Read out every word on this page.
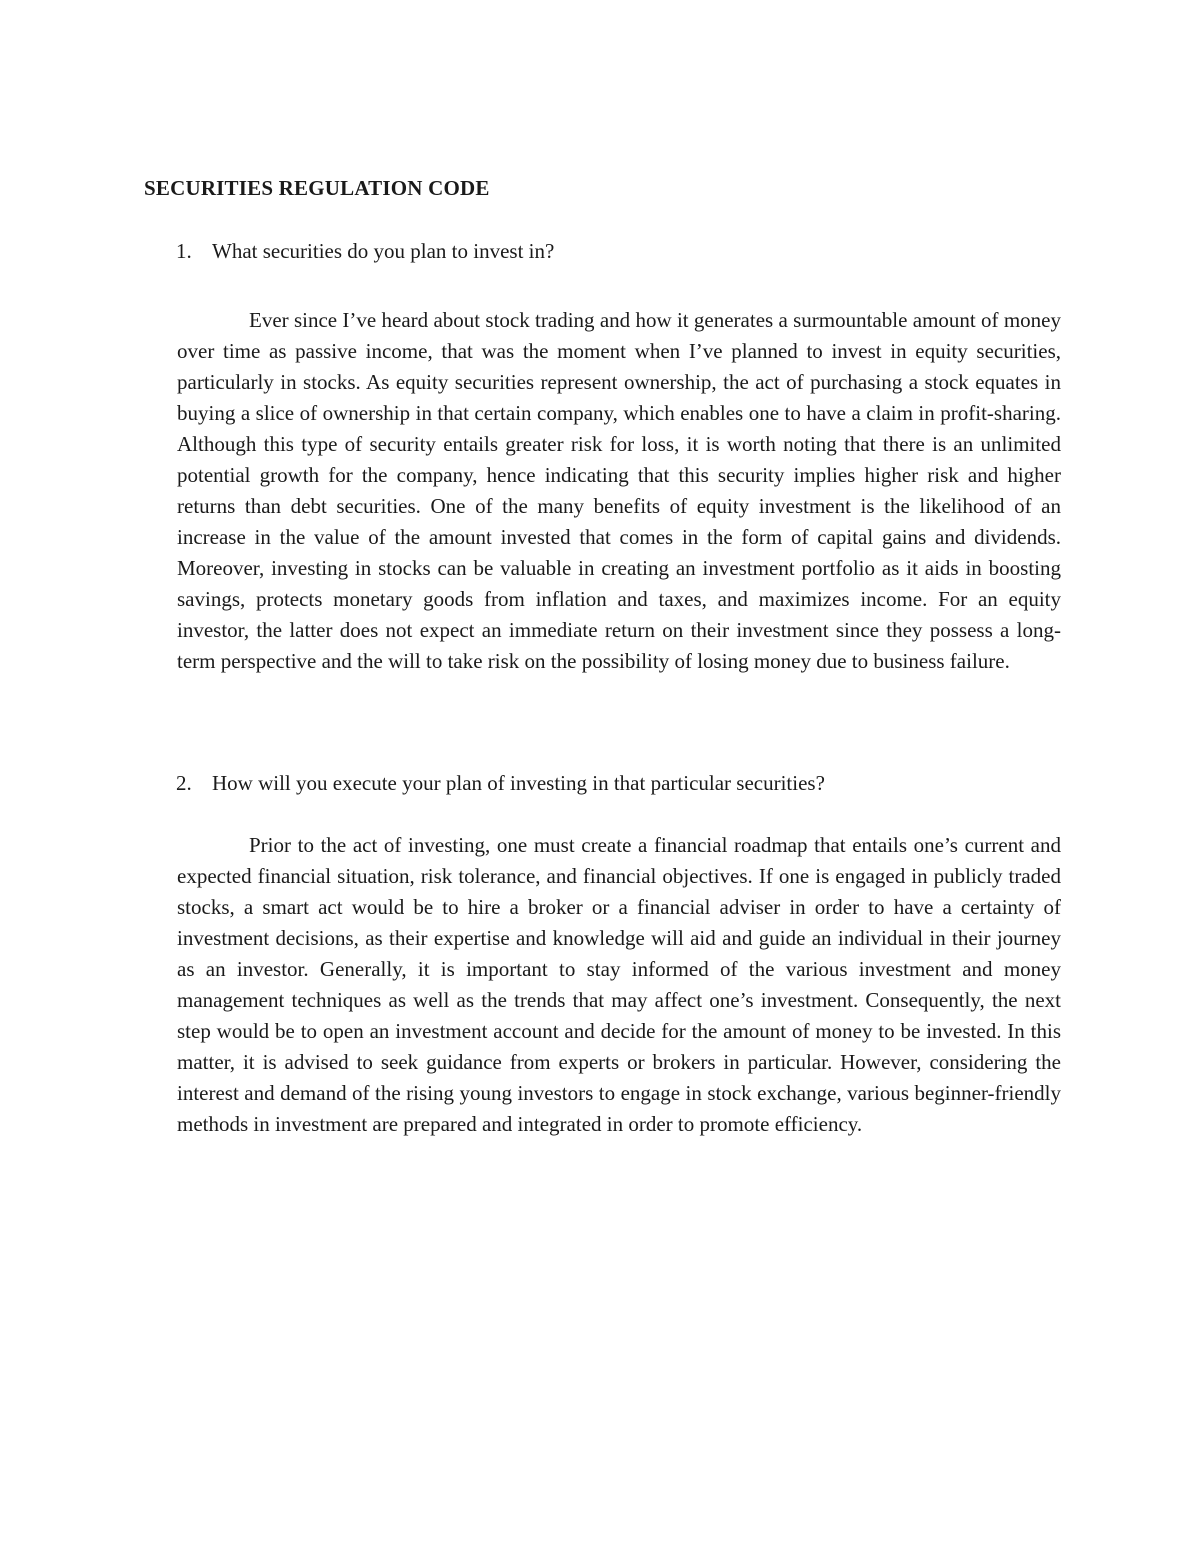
SECURITIES REGULATION CODE
1. What securities do you plan to invest in?

Ever since I’ve heard about stock trading and how it generates a surmountable amount of money over time as passive income, that was the moment when I’ve planned to invest in equity securities, particularly in stocks. As equity securities represent ownership, the act of purchasing a stock equates in buying a slice of ownership in that certain company, which enables one to have a claim in profit-sharing. Although this type of security entails greater risk for loss, it is worth noting that there is an unlimited potential growth for the company, hence indicating that this security implies higher risk and higher returns than debt securities. One of the many benefits of equity investment is the likelihood of an increase in the value of the amount invested that comes in the form of capital gains and dividends. Moreover, investing in stocks can be valuable in creating an investment portfolio as it aids in boosting savings, protects monetary goods from inflation and taxes, and maximizes income. For an equity investor, the latter does not expect an immediate return on their investment since they possess a long-term perspective and the will to take risk on the possibility of losing money due to business failure.

2. How will you execute your plan of investing in that particular securities?

Prior to the act of investing, one must create a financial roadmap that entails one’s current and expected financial situation, risk tolerance, and financial objectives. If one is engaged in publicly traded stocks, a smart act would be to hire a broker or a financial adviser in order to have a certainty of investment decisions, as their expertise and knowledge will aid and guide an individual in their journey as an investor. Generally, it is important to stay informed of the various investment and money management techniques as well as the trends that may affect one’s investment. Consequently, the next step would be to open an investment account and decide for the amount of money to be invested. In this matter, it is advised to seek guidance from experts or brokers in particular. However, considering the interest and demand of the rising young investors to engage in stock exchange, various beginner-friendly methods in investment are prepared and integrated in order to promote efficiency.
